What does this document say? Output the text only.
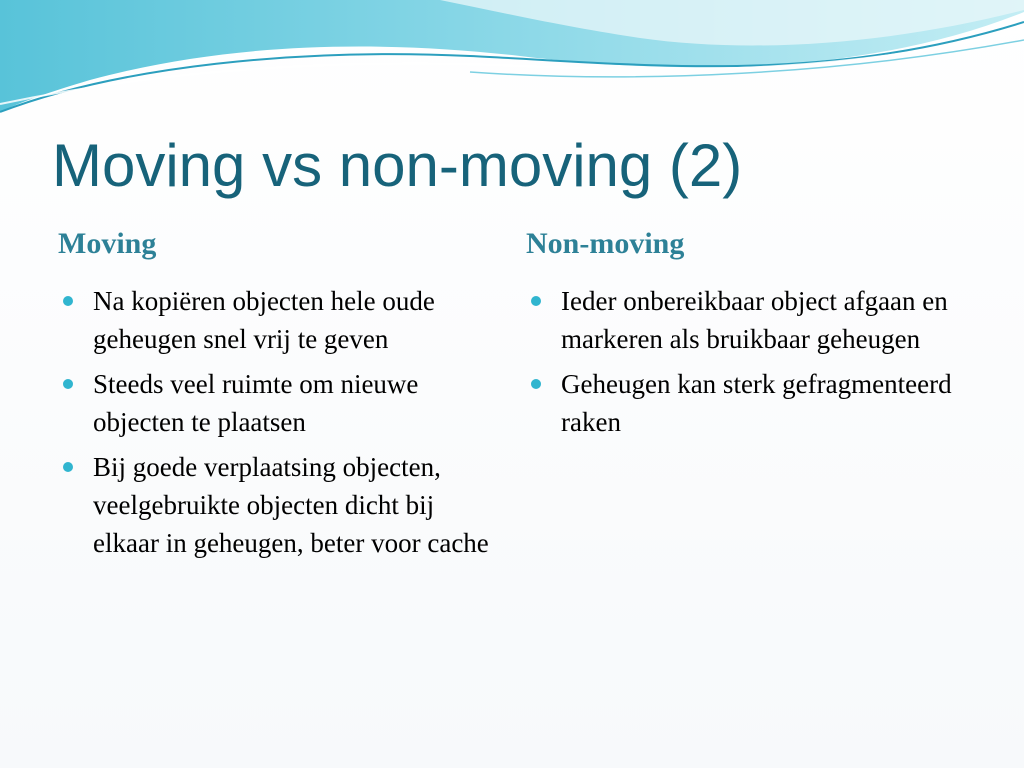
Moving vs non-moving (2)
Moving
Na kopiëren objecten hele oude geheugen snel vrij te geven
Steeds veel ruimte om nieuwe objecten te plaatsen
Bij goede verplaatsing objecten, veelgebruikte objecten dicht bij elkaar in geheugen, beter voor cache
Non-moving
Ieder onbereikbaar object afgaan en markeren als bruikbaar geheugen
Geheugen kan sterk gefragmenteerd raken
